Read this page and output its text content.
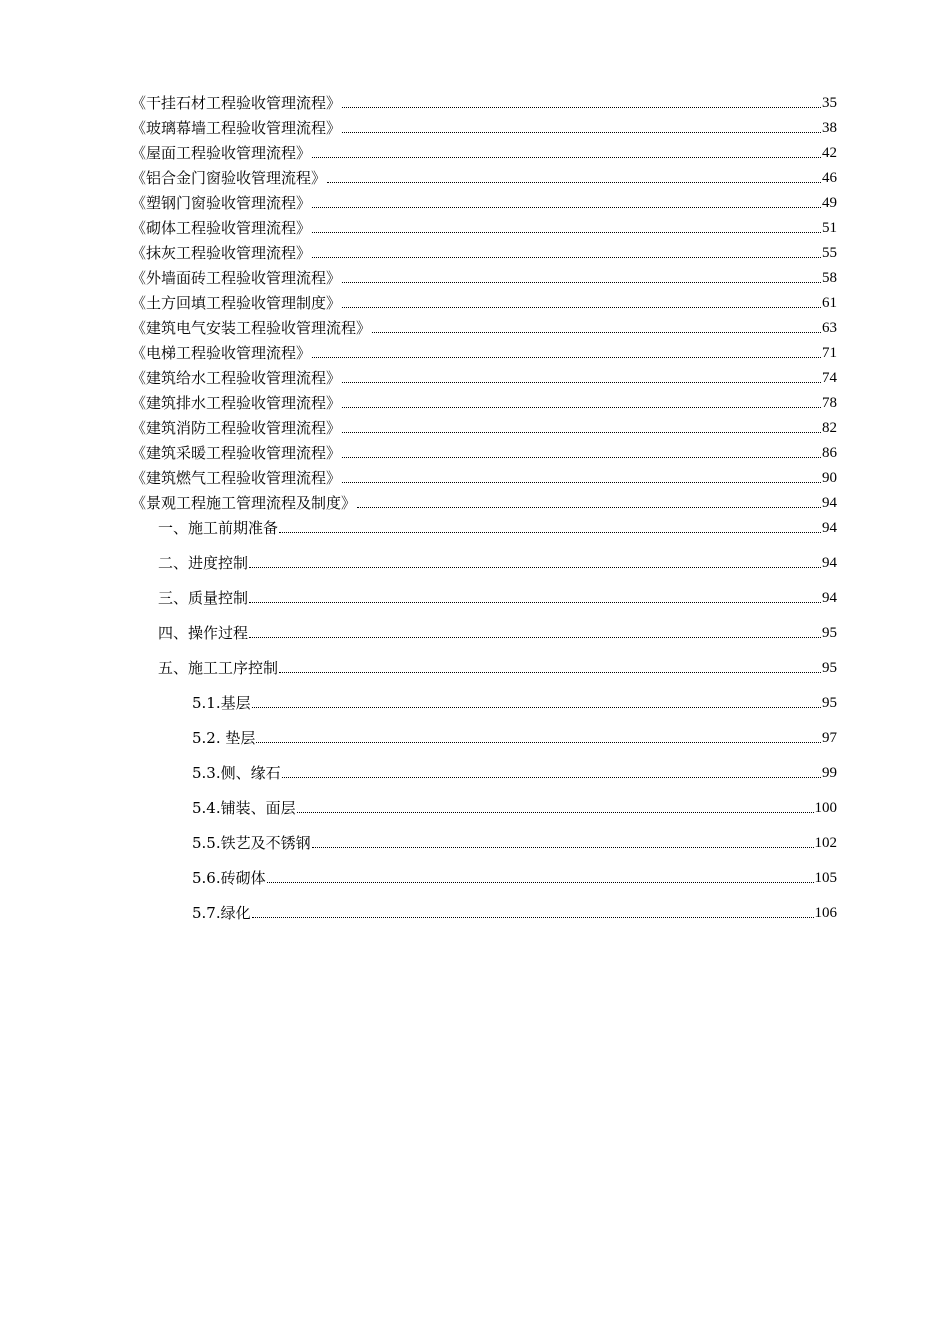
《干挂石材工程验收管理流程》	35
《玻璃幕墙工程验收管理流程》	38
《屋面工程验收管理流程》	42
《铝合金门窗验收管理流程》	46
《塑钢门窗验收管理流程》	49
《砌体工程验收管理流程》	51
《抹灰工程验收管理流程》	55
《外墙面砖工程验收管理流程》	58
《土方回填工程验收管理制度》	61
《建筑电气安装工程验收管理流程》	63
《电梯工程验收管理流程》	71
《建筑给水工程验收管理流程》	74
《建筑排水工程验收管理流程》	78
《建筑消防工程验收管理流程》	82
《建筑采暖工程验收管理流程》	86
《建筑燃气工程验收管理流程》	90
《景观工程施工管理流程及制度》	94
一、施工前期准备	94
二、进度控制	94
三、质量控制	94
四、操作过程	95
五、施工工序控制	95
5.1.基层	95
5.2. 垫层	97
5.3.侧、缘石	99
5.4.铺装、面层	100
5.5.铁艺及不锈钢	102
5.6.砖砌体	105
5.7.绿化	106
